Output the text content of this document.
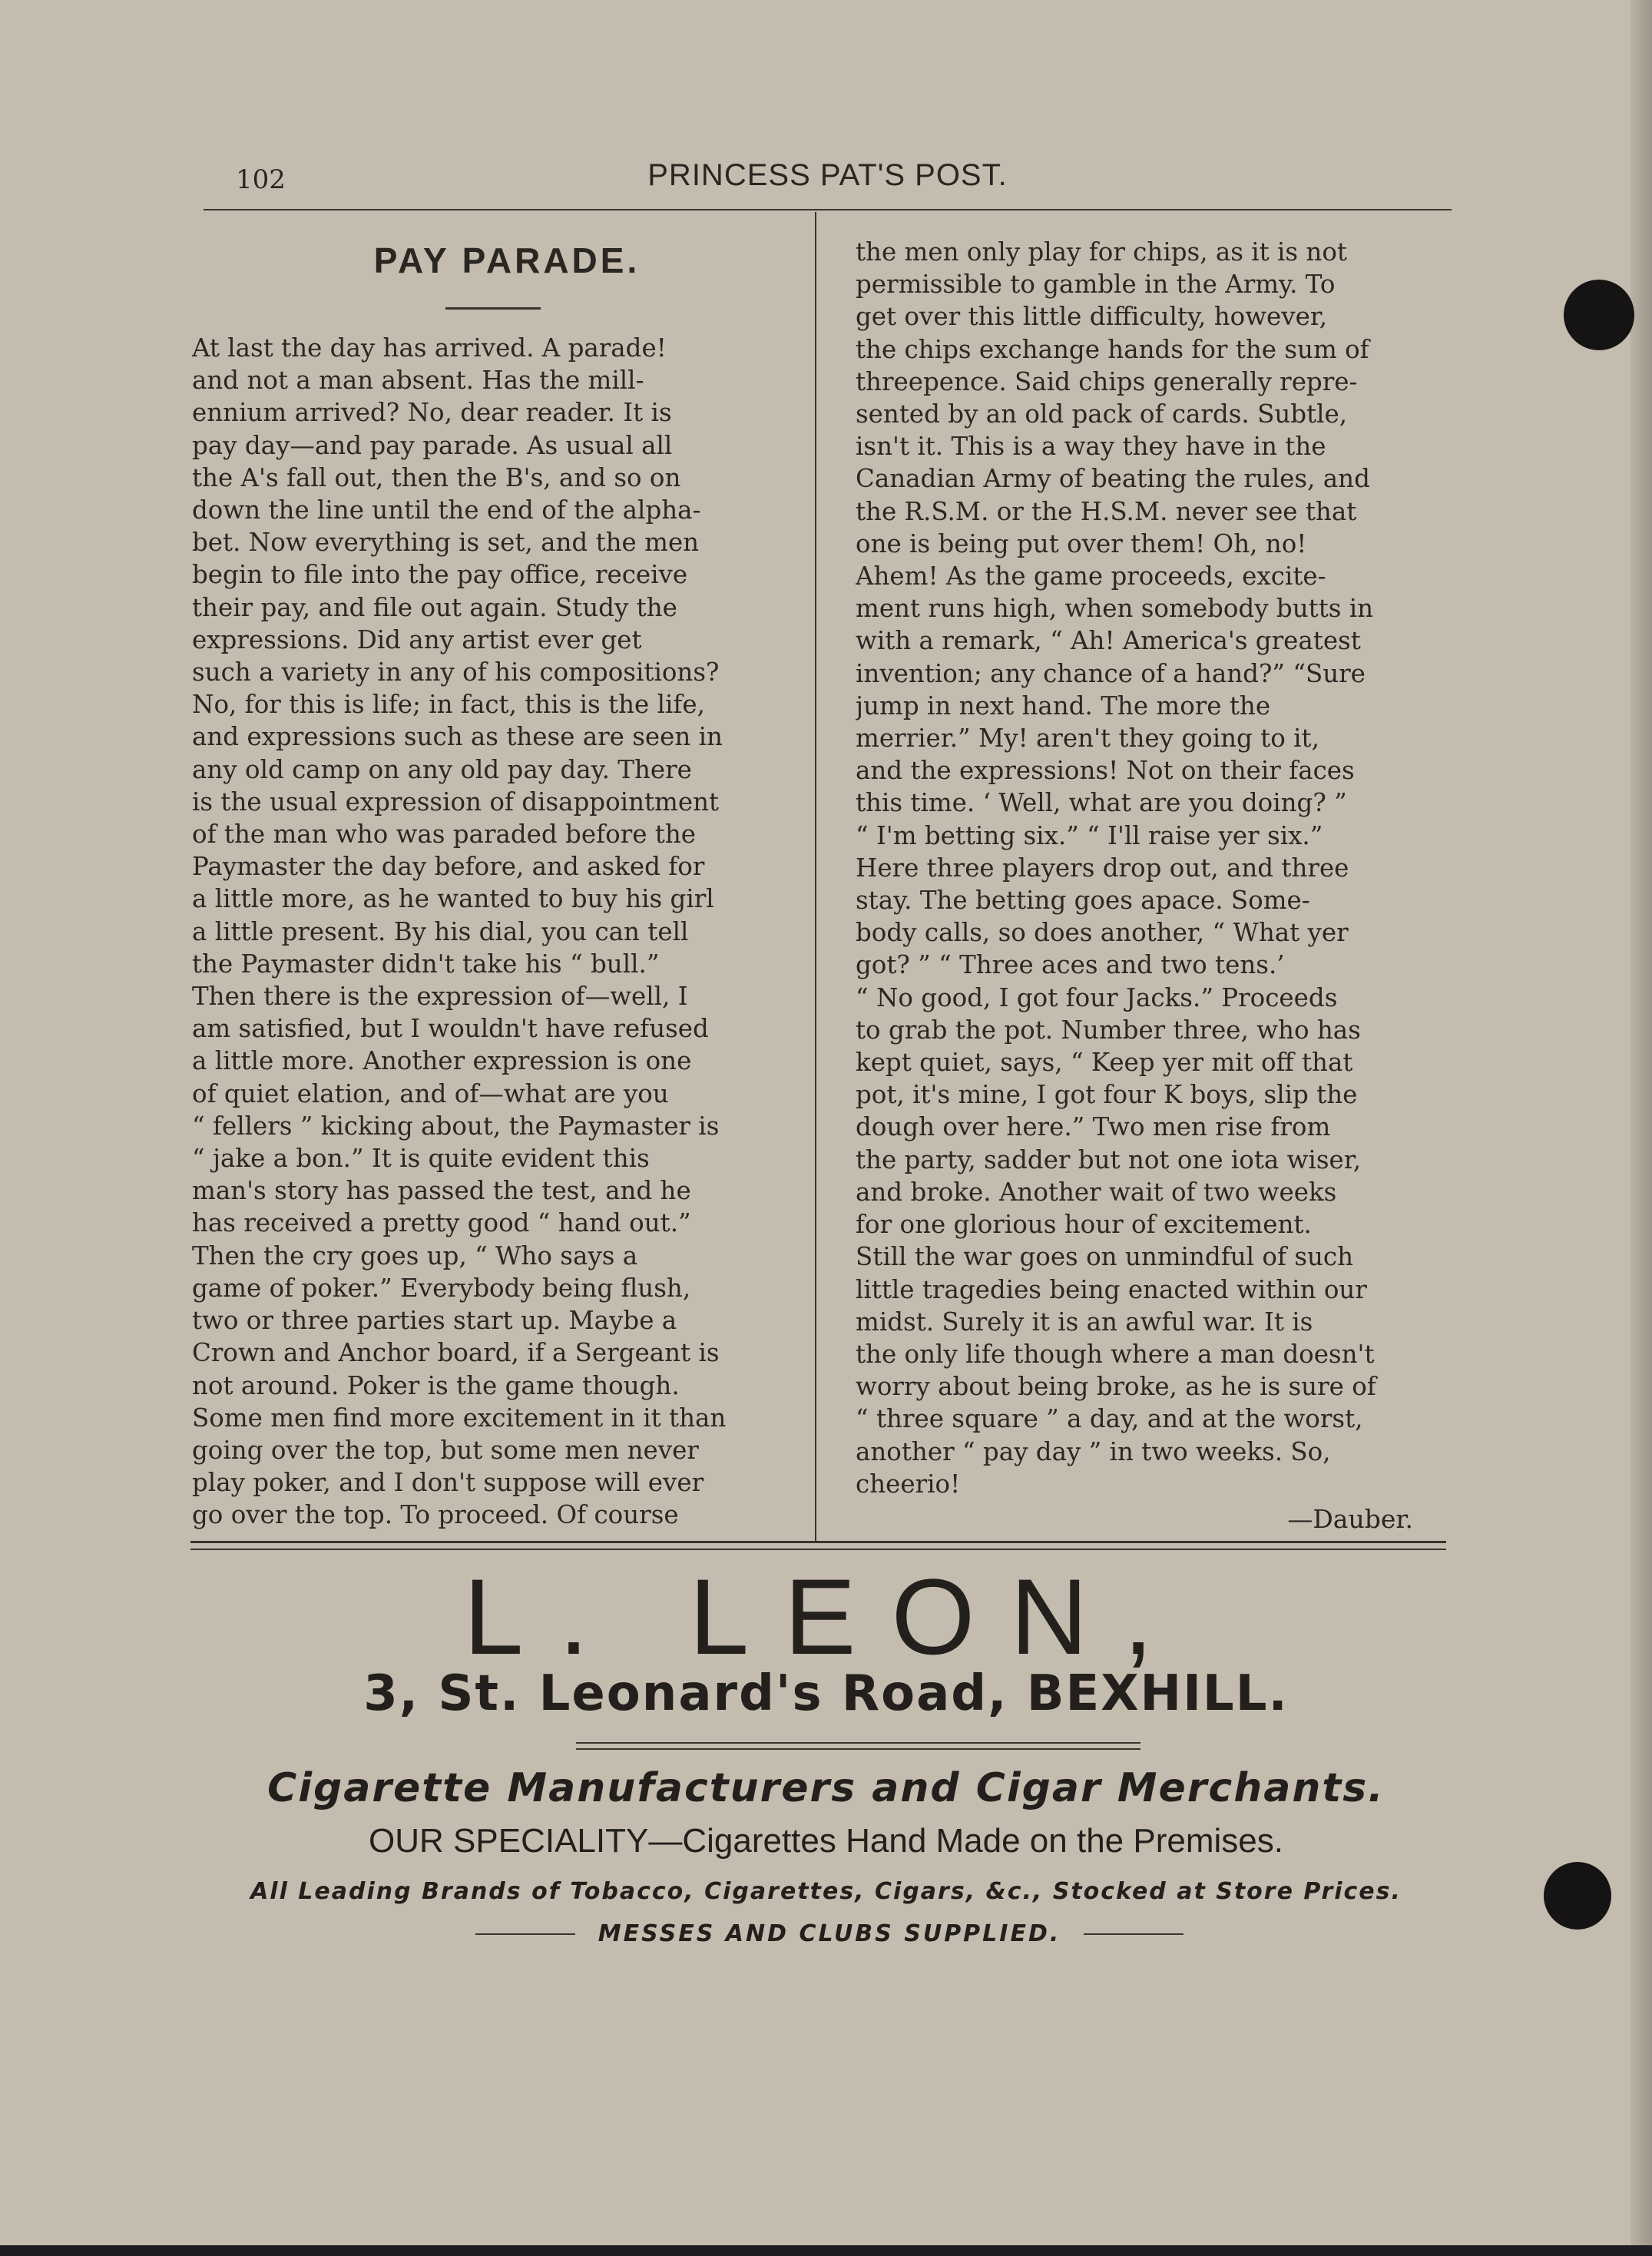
102	PRINCESS PAT'S POST.
PAY PARADE.
At last the day has arrived. A parade!
and not a man absent. Has the mill-
ennium arrived? No, dear reader. It is
pay day—and pay parade. As usual all
the A's fall out, then the B's, and so on
down the line until the end of the alpha-
bet. Now everything is set, and the men
begin to file into the pay office, receive
their pay, and file out again. Study the
expressions. Did any artist ever get
such a variety in any of his compositions?
No, for this is life; in fact, this is the life,
and expressions such as these are seen in
any old camp on any old pay day. There
is the usual expression of disappointment
of the man who was paraded before the
Paymaster the day before, and asked for
a little more, as he wanted to buy his girl
a little present. By his dial, you can tell
the Paymaster didn't take his “ bull.”
Then there is the expression of—well, I
am satisfied, but I wouldn't have refused
a little more. Another expression is one
of quiet elation, and of—what are you
“ fellers ” kicking about, the Paymaster is
“ jake a bon.” It is quite evident this
man's story has passed the test, and he
has received a pretty good “ hand out.”
Then the cry goes up, “ Who says a
game of poker.” Everybody being flush,
two or three parties start up. Maybe a
Crown and Anchor board, if a Sergeant is
not around. Poker is the game though.
Some men find more excitement in it than
going over the top, but some men never
play poker, and I don't suppose will ever
go over the top. To proceed. Of course
the men only play for chips, as it is not
permissible to gamble in the Army. To
get over this little difficulty, however,
the chips exchange hands for the sum of
threepence. Said chips generally repre-
sented by an old pack of cards. Subtle,
isn't it. This is a way they have in the
Canadian Army of beating the rules, and
the R.S.M. or the H.S.M. never see that
one is being put over them! Oh, no!
Ahem! As the game proceeds, excite-
ment runs high, when somebody butts in
with a remark, “ Ah! America's greatest
invention; any chance of a hand?” “Sure
jump in next hand. The more the
merrier.” My! aren't they going to it,
and the expressions! Not on their faces
this time. ‘ Well, what are you doing? ”
“ I'm betting six.” “ I'll raise yer six.”
Here three players drop out, and three
stay. The betting goes apace. Some-
body calls, so does another, “ What yer
got? ” “ Three aces and two tens.’
“ No good, I got four Jacks.” Proceeds
to grab the pot. Number three, who has
kept quiet, says, “ Keep yer mit off that
pot, it's mine, I got four K boys, slip the
dough over here.” Two men rise from
the party, sadder but not one iota wiser,
and broke. Another wait of two weeks
for one glorious hour of excitement.
Still the war goes on unmindful of such
little tragedies being enacted within our
midst. Surely it is an awful war. It is
the only life though where a man doesn't
worry about being broke, as he is sure of
“ three square ” a day, and at the worst,
another “ pay day ” in two weeks. So,
cheerio!
—Dauber.
L. LEON,
3, St. Leonard's Road, BEXHILL.
Cigarette Manufacturers and Cigar Merchants.
OUR SPECIALITY—Cigarettes Hand Made on the Premises.
All Leading Brands of Tobacco, Cigarettes, Cigars, &c., Stocked at Store Prices.
MESSES AND CLUBS SUPPLIED.
